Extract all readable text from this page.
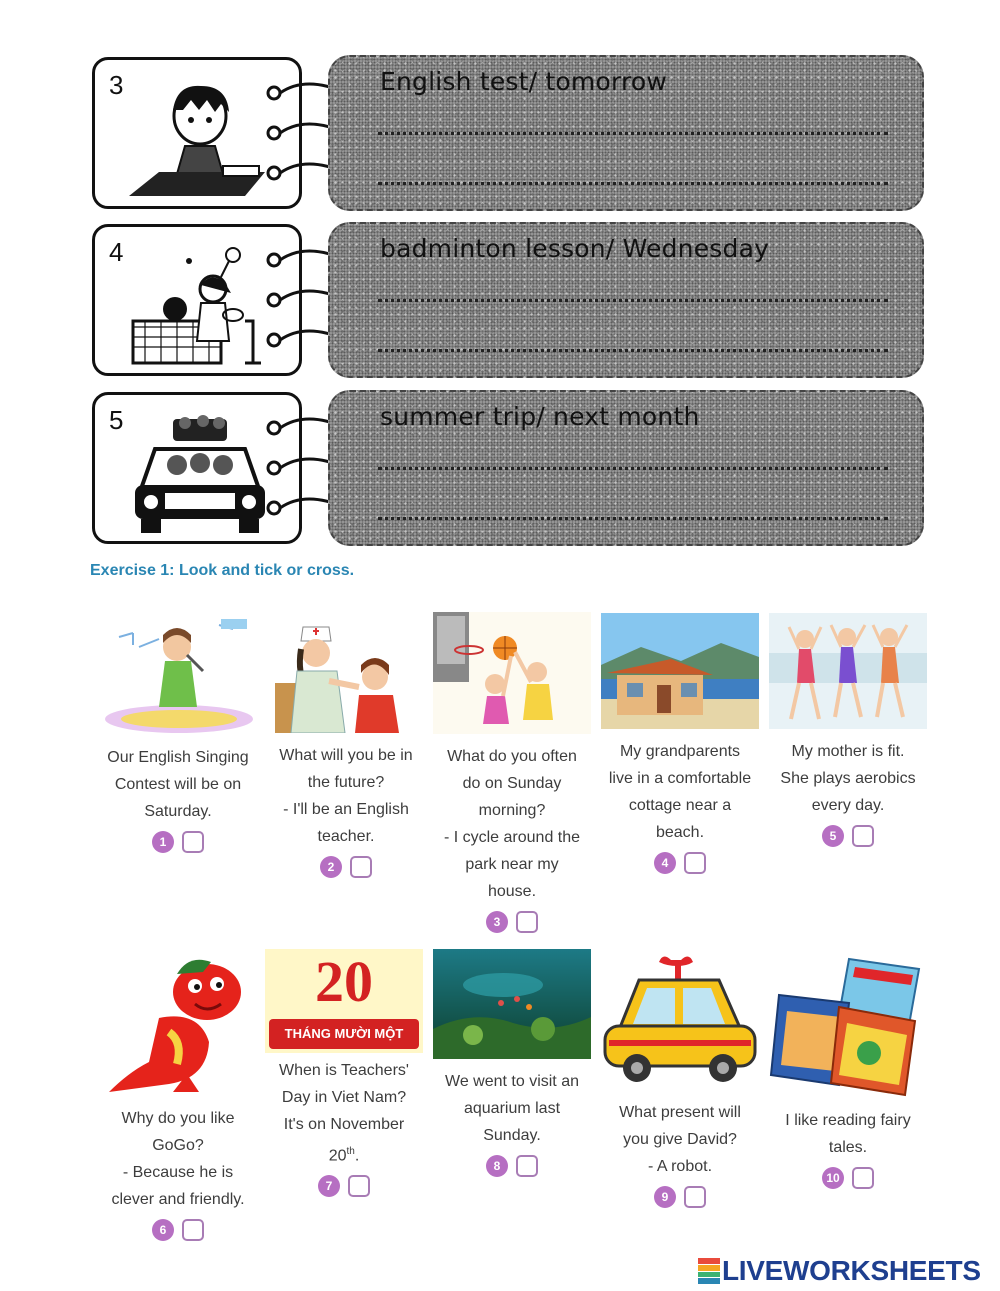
3	English test/ tomorrow
4	badminton lesson/ Wednesday
5	summer trip/ next month
Exercise 1: Look and tick or cross.
Our English Singing
Contest will be on
Saturday.
1
What will you be in
the future?
- I'll be an English
teacher.
2
What do you often
do on Sunday
morning?
- I cycle around the
park near my
house.
3
My grandparents
live in a comfortable
cottage near a
beach.
4
My mother is fit.
She plays aerobics
every day.
5
Why do you like
GoGo?
- Because he is
clever and friendly.
6
20
THÁNG MƯỜI MỘT
When is Teachers'
Day in Viet Nam?
It's on November
20th.
7
We went to visit an
aquarium last
Sunday.
8
What present will
you give David?
- A robot.
9
I like reading fairy
tales.
10
LIVEWORKSHEETS
